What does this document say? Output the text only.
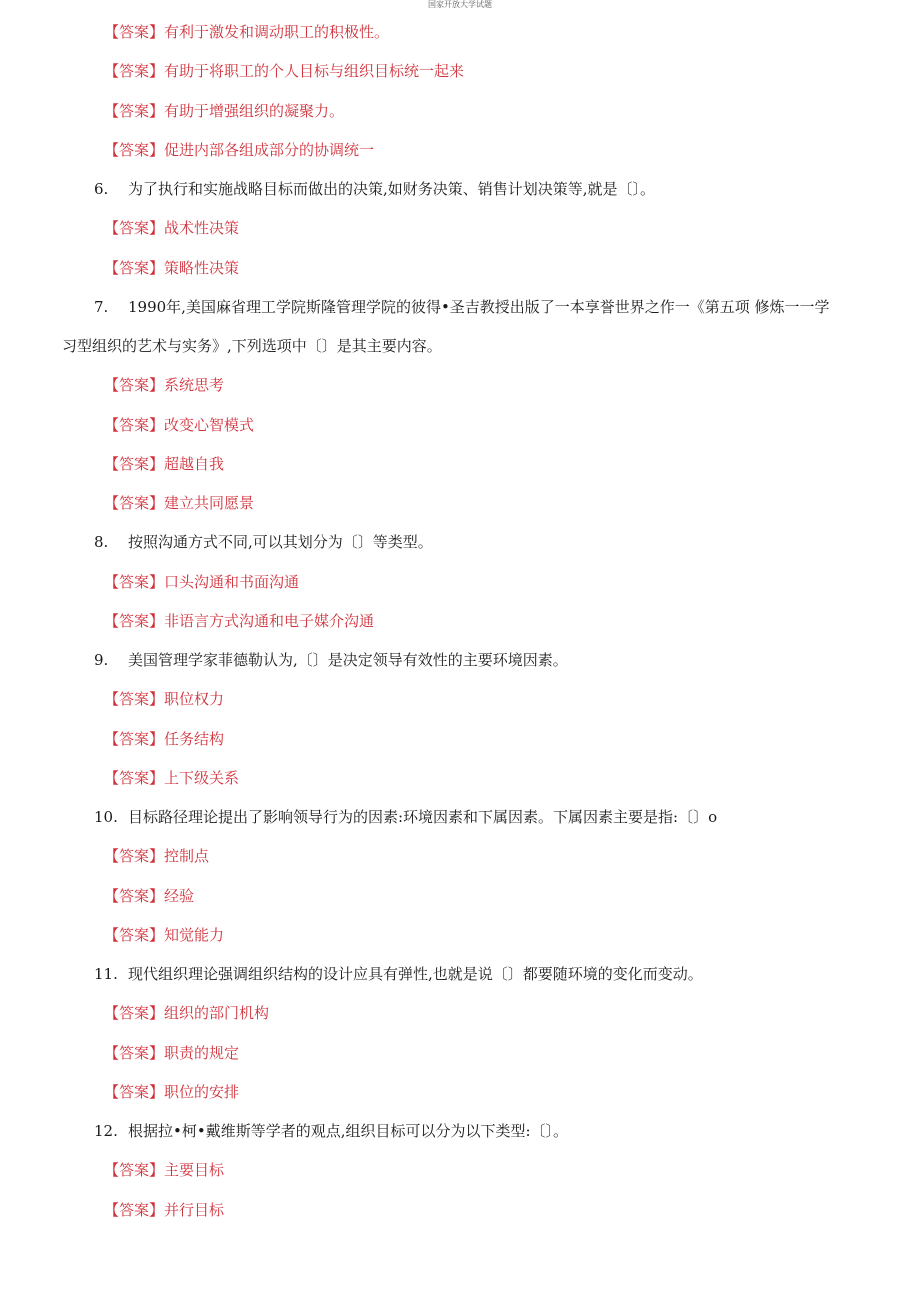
国家开放大学试题
【答案】有利于激发和调动职工的积极性。
【答案】有助于将职工的个人目标与组织目标统一起来
【答案】有助于增强组织的凝聚力。
【答案】促进内部各组成部分的协调统一
6. 为了执行和实施战略目标而做出的决策,如财务决策、销售计划决策等,就是〔〕。
【答案】战术性决策
【答案】策略性决策
7. 1990年,美国麻省理工学院斯隆管理学院的彼得•圣吉教授出版了一本享誉世界之作一《第五项 修炼一一学
习型组织的艺术与实务》,下列选项中〔〕是其主要内容。
【答案】系统思考
【答案】改变心智模式
【答案】超越自我
【答案】建立共同愿景
8. 按照沟通方式不同,可以其划分为〔〕等类型。
【答案】口头沟通和书面沟通
【答案】非语言方式沟通和电子媒介沟通
9. 美国管理学家菲德勒认为,〔〕是决定领导有效性的主要环境因素。
【答案】职位权力
【答案】任务结构
【答案】上下级关系
10. 目标路径理论提出了影响领导行为的因素:环境因素和下属因素。下属因素主要是指:〔〕o
【答案】控制点
【答案】经验
【答案】知觉能力
11. 现代组织理论强调组织结构的设计应具有弹性,也就是说〔〕都要随环境的变化而变动。
【答案】组织的部门机构
【答案】职责的规定
【答案】职位的安排
12. 根据拉•柯•戴维斯等学者的观点,组织目标可以分为以下类型:〔〕。
【答案】主要目标
【答案】并行目标
